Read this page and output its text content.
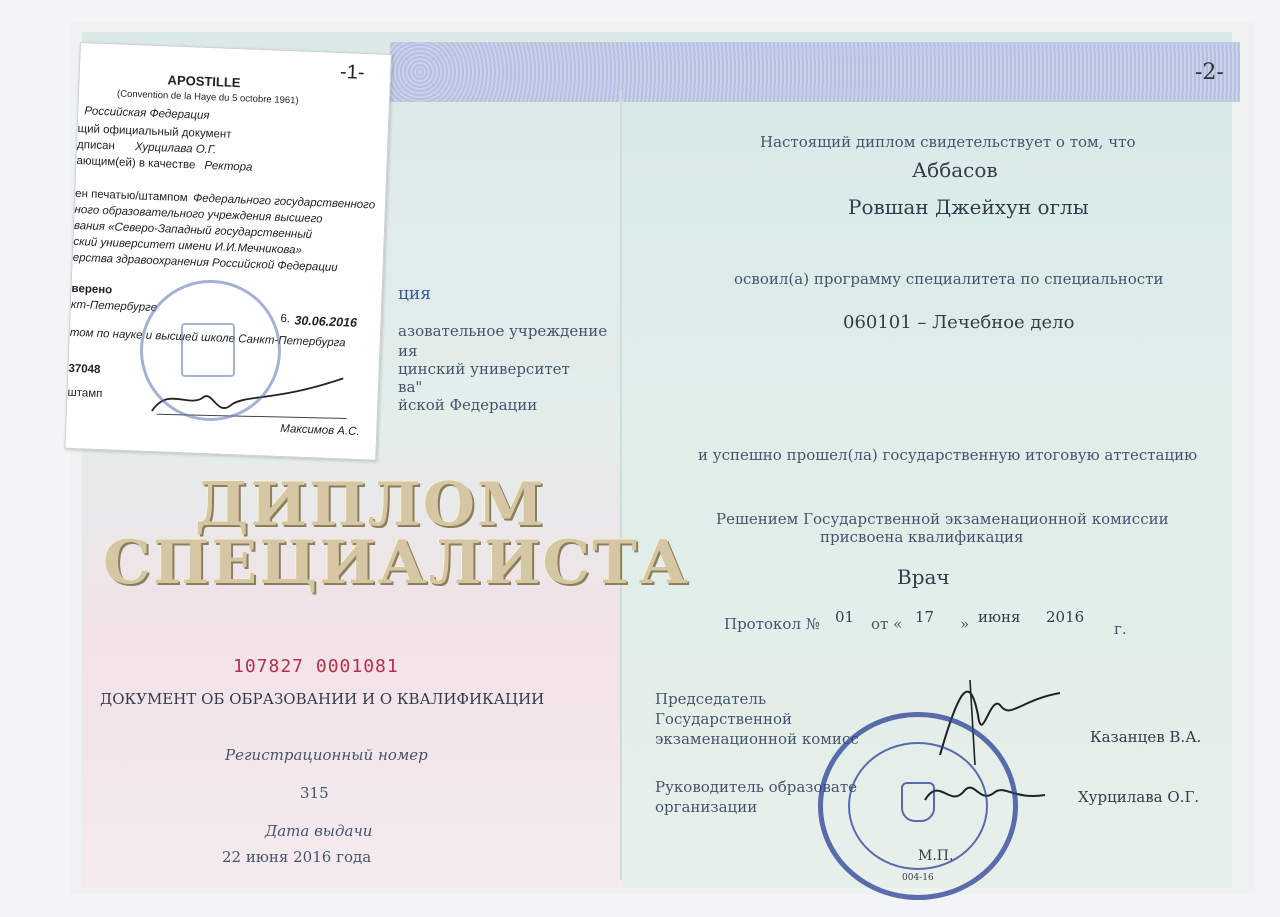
-2-
Настоящий диплом свидетельствует о том, что
Аббасов
Ровшан Джейхун оглы
освоил(а) программу специалитета по специальности
060101 – Лечебное дело
и успешно прошел(ла) государственную итоговую аттестацию
Решением Государственной экзаменационной комиссии
присвоена квалификация
Врач
Протокол № 01 от « 17 » июня 2016
г.
Председатель
Государственной
экзаменационной комисс	Казанцев В.А.
Руководитель образовате
организации
Хурцилава О.Г.
М.П.
004-16
ция
азовательное учреждение
ия
цинский университет
ва"
йской Федерации
ДИПЛОМ
СПЕЦИАЛИСТА
107827 0001081
ДОКУМЕНТ ОБ ОБРАЗОВАНИИ И О КВАЛИФИКАЦИИ
Регистрационный номер
315
Дата выдачи
22 июня 2016 года
-1-
APOSTILLE
(Convention de la Haye du 5 octobre 1961)
Российская Федерация
щий официальный документ
дписан Хурцилава О.Г.
ающим(ей) в качестве Ректора
ен печатью/штампом Федерального государственного
ного образовательного учреждения высшего
вания «Северо-Западный государственный
ский университет имени И.И.Мечникова»
ерства здравоохранения Российской Федерации
верено
кт-Петербурге
6. 30.06.2016
том по науке и высшей школе Санкт-Петербурга
37048
штамп
Максимов А.С.
